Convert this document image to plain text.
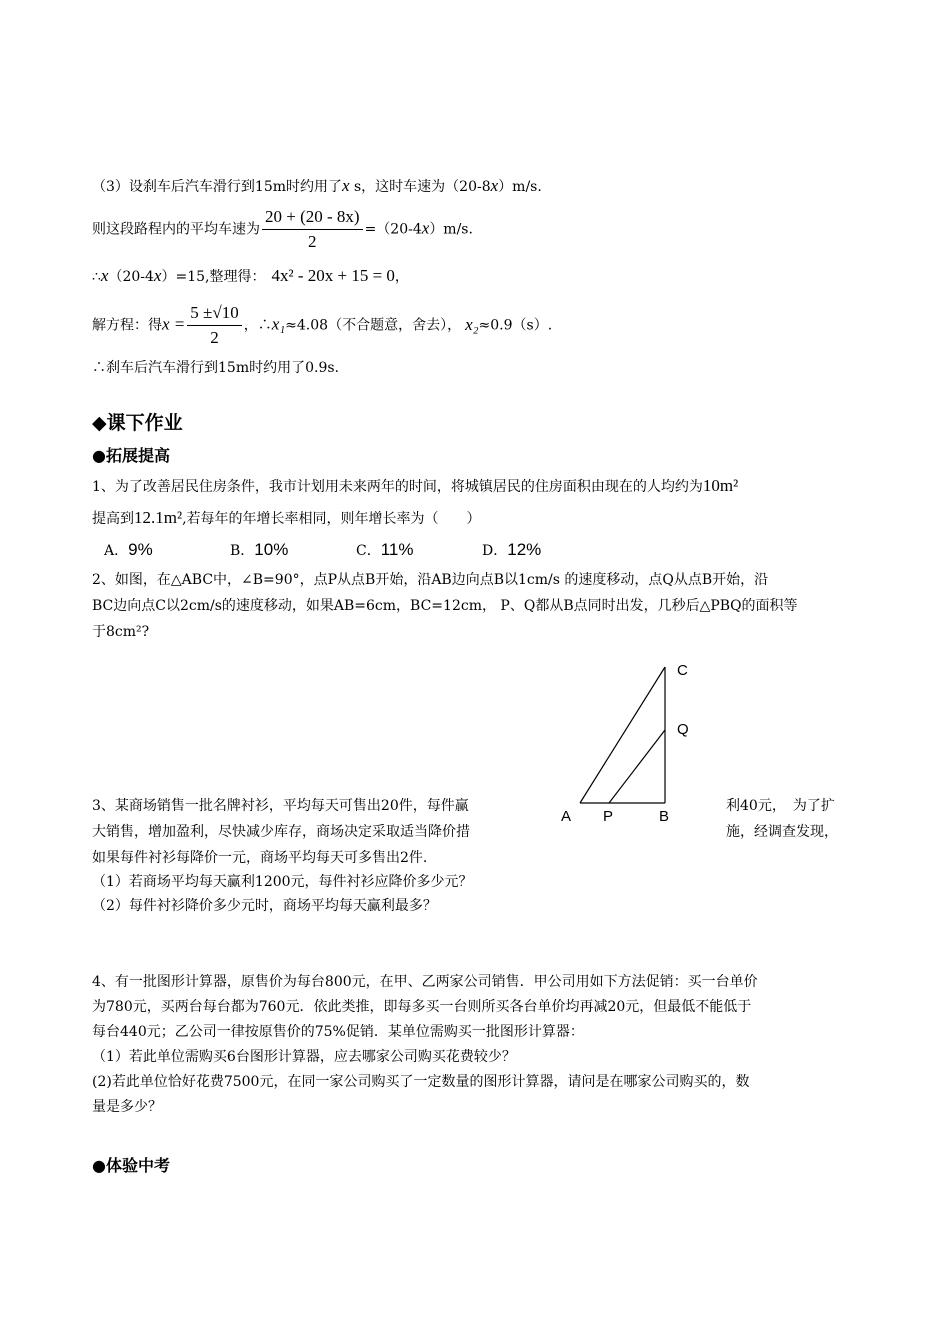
（3）设刹车后汽车滑行到15m时约用了x s，这时车速为（20-8x）m/s.
则这段路程内的平均车速为 $\frac{20 + (20 - 8x)}{2} =(20-4x)m/s$.
∴x（20-4x）=15,整理得： 4x² - 20x + 15 = 0，
解方程：得$x = \frac{5 \pm√10}{2}$ ，∴x₁≈4.08（不合题意，舍去）， x₂≈0.9（s）.
∴刹车后汽车滑行到15m时约用了0.9s.
◆课下作业
●拓展提高
1、为了改善居民住房条件，我市计划用未来两年的时间，将城镇居民的住房面积由现在的人均约为10m²
提高到12.1m²,若每年的年增长率相同，则年增长率为（　　）
A．9%	B．10%	C．11%	D．12%
2、如图，在△ABC中，∠B=90°，点P从点B开始，沿AB边向点B以1cm/s 的速度移动，点Q从点B开始，沿
BC边向点C以2cm/s的速度移动，如果AB=6cm，BC=12cm， P、Q都从B点同时出发，几秒后△PBQ的面积等
于8cm²?
A P	B
Q
C
3、某商场销售一批名牌衬衫，平均每天可售出20件，每件赢	利40元，　为了扩
大销售，增加盈利，尽快减少库存，商场决定采取适当降价措	施，经调查发现，
如果每件衬衫每降价一元，商场平均每天可多售出2件.
（1）若商场平均每天赢利1200元，每件衬衫应降价多少元？
（2）每件衬衫降价多少元时，商场平均每天赢利最多？
4、有一批图形计算器，原售价为每台800元，在甲、乙两家公司销售．甲公司用如下方法促销：买一台单价
为780元，买两台每台都为760元．依此类推，即每多买一台则所买各台单价均再减20元，但最低不能低于
每台440元；乙公司一律按原售价的75%促销．某单位需购买一批图形计算器：
（1）若此单位需购买6台图形计算器，应去哪家公司购买花费较少？
(2)若此单位恰好花费7500元，在同一家公司购买了一定数量的图形计算器，请问是在哪家公司购买的，数
量是多少？
●体验中考
